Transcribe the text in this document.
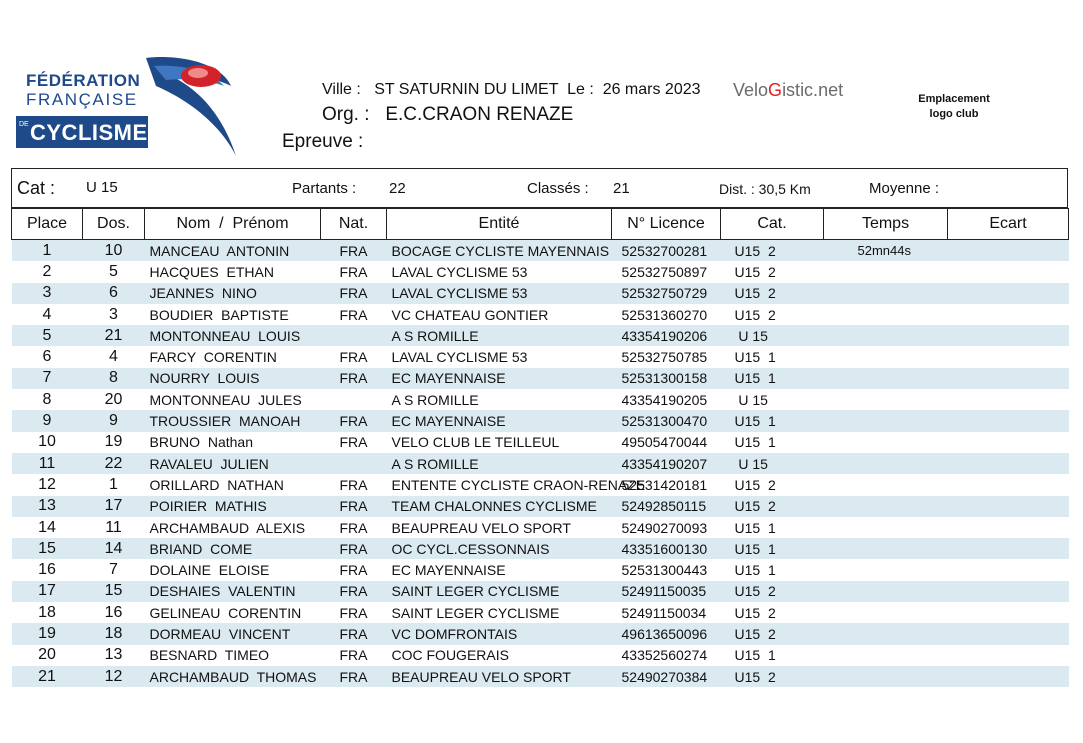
FÉDÉRATION
FRANÇAISE
DE CYCLISME
Ville : ST SATURNIN DU LIMET Le : 26 mars 2023
Org. : E.C.CRAON RENAZE
Epreuve :
VeloGistic.net	Emplacement
logo club
Cat : U 15	Partants : 22	Classés : 21	Dist. : 30,5 Km	Moyenne :
Place	Dos.	Nom  /  Prénom	Nat.	Entité	N° Licence	Cat.	Temps	Ecart
1	10	MANCEAU  ANTONIN	FRA	BOCAGE CYCLISTE MAYENNAIS	52532700281	U15  2	52mn44s	
2	5	HACQUES  ETHAN	FRA	LAVAL CYCLISME 53	52532750897	U15  2		
3	6	JEANNES  NINO	FRA	LAVAL CYCLISME 53	52532750729	U15  2		
4	3	BOUDIER  BAPTISTE	FRA	VC CHATEAU GONTIER	52531360270	U15  2		
5	21	MONTONNEAU  LOUIS		A S ROMILLE	43354190206	U 15		
6	4	FARCY  CORENTIN	FRA	LAVAL CYCLISME 53	52532750785	U15  1		
7	8	NOURRY  LOUIS	FRA	EC MAYENNAISE	52531300158	U15  1		
8	20	MONTONNEAU  JULES		A S ROMILLE	43354190205	U 15		
9	9	TROUSSIER  MANOAH	FRA	EC MAYENNAISE	52531300470	U15  1		
10	19	BRUNO  Nathan	FRA	VELO CLUB LE TEILLEUL	49505470044	U15  1		
11	22	RAVALEU  JULIEN		A S ROMILLE	43354190207	U 15		
12	1	ORILLARD  NATHAN	FRA	ENTENTE CYCLISTE CRAON-RENAZE	52531420181	U15  2		
13	17	POIRIER  MATHIS	FRA	TEAM CHALONNES CYCLISME	52492850115	U15  2		
14	11	ARCHAMBAUD  ALEXIS	FRA	BEAUPREAU VELO SPORT	52490270093	U15  1		
15	14	BRIAND  COME	FRA	OC CYCL.CESSONNAIS	43351600130	U15  1		
16	7	DOLAINE  ELOISE	FRA	EC MAYENNAISE	52531300443	U15  1		
17	15	DESHAIES  VALENTIN	FRA	SAINT LEGER CYCLISME	52491150035	U15  2		
18	16	GELINEAU  CORENTIN	FRA	SAINT LEGER CYCLISME	52491150034	U15  2		
19	18	DORMEAU  VINCENT	FRA	VC DOMFRONTAIS	49613650096	U15  2		
20	13	BESNARD  TIMEO	FRA	COC FOUGERAIS	43352560274	U15  1		
21	12	ARCHAMBAUD  THOMAS	FRA	BEAUPREAU VELO SPORT	52490270384	U15  2		
